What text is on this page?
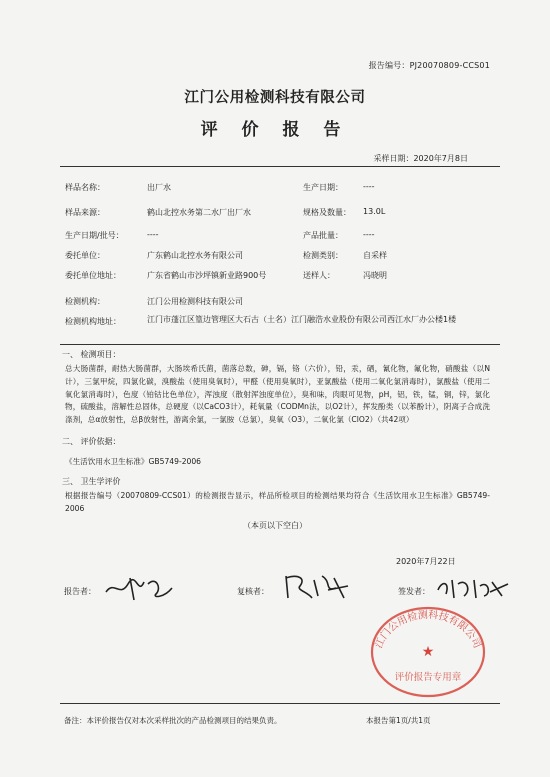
报告编号：PJ20070809-CCS01
江门公用检测科技有限公司
评 价 报 告
采样日期：2020年7月8日
样品名称：	出厂水	生产日期：	----
样品来源：	鹤山北控水务第二水厂出厂水	规格及数量： 13.0L
生产日期/批号：	----	产品批量：	----
委托单位：	广东鹤山北控水务有限公司	检测类别：	自采样
委托单位地址：	广东省鹤山市沙坪镇新业路900号	送样人：	冯晓明
检测机构：	江门公用检测科技有限公司
检测机构地址：	江门市蓬江区篁边管理区大石古（土名）江门融浩水业股份有限公司西江水厂办公楼1楼
一、 检测项目：
总大肠菌群，耐热大肠菌群，大肠埃希氏菌，菌落总数，砷，镉，铬（六价），铅，汞，硒，氰化物，氟化物，硝酸盐（以N计），三氯甲烷，四氯化碳，溴酸盐（使用臭氧时），甲醛（使用臭氧时），亚氯酸盐（使用二氧化氯消毒时），氯酸盐（使用二氧化氯消毒时），色度（铂钴比色单位），浑浊度（散射浑浊度单位），臭和味，肉眼可见物，pH，铝，铁，锰，铜，锌，氯化物，硫酸盐，溶解性总固体，总硬度（以CaCO3计），耗氧量（CODMn法，以O2计），挥发酚类（以苯酚计），阴离子合成洗涤剂，总α放射性，总β放射性，游离余氯，一氯胺（总氯），臭氧（O3），二氧化氯（ClO2）（共42项）
二、 评价依据：
《生活饮用水卫生标准》GB5749-2006
三、 卫生学评价
根据报告编号（20070809-CCS01）的检测报告显示，样品所检项目的检测结果均符合《生活饮用水卫生标准》GB5749-2006
（本页以下空白）
2020年7月22日
报告者：	复核者：	签发者：
江门公用检测科技有限公司
★
评价报告专用章
备注：本评价报告仅对本次采样批次的产品检测项目的结果负责。	本报告第1页/共1页
